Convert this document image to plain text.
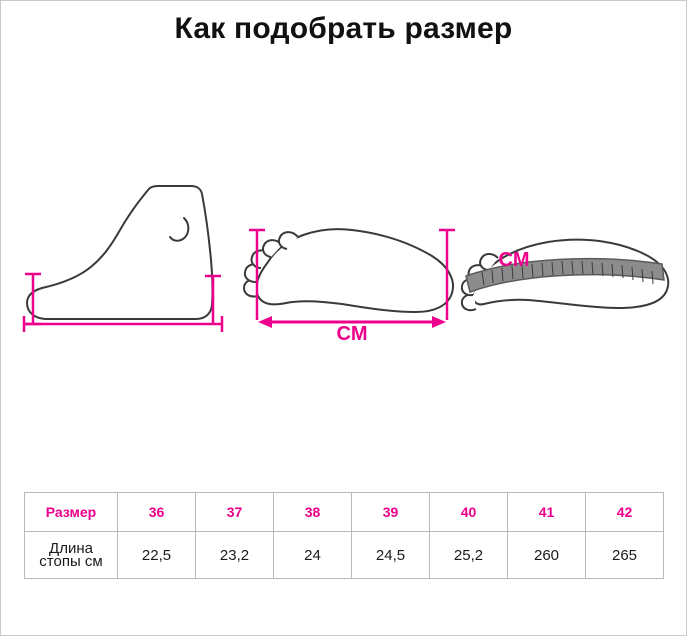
Как подобрать размер
CM
CM
Размер	36	37	38	39	40	41	42
Длина стопы см	22,5	23,2	24	24,5	25,2	260	265
